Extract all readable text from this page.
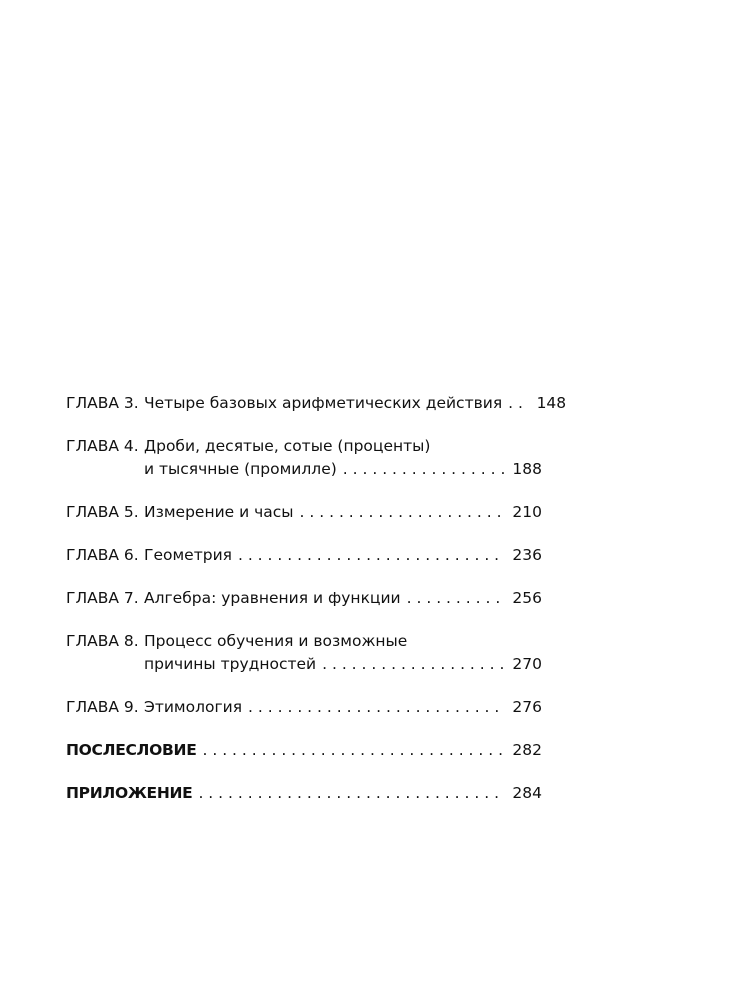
ГЛАВА 3. Четыре базовых арифметических действия . . . 148
ГЛАВА 4. Дроби, десятые, сотые (проценты)
и тысячные (промилле) . . .	188
ГЛАВА 5. Измерение и часы . . .	210
ГЛАВА 6. Геометрия . . .	236
ГЛАВА 7. Алгебра: уравнения и функции . . .	256
ГЛАВА 8. Процесс обучения и возможные
причины трудностей . . .	270
ГЛАВА 9. Этимология . . .	276
ПОСЛЕСЛОВИЕ . . .	282
ПРИЛОЖЕНИЕ . . .	284
